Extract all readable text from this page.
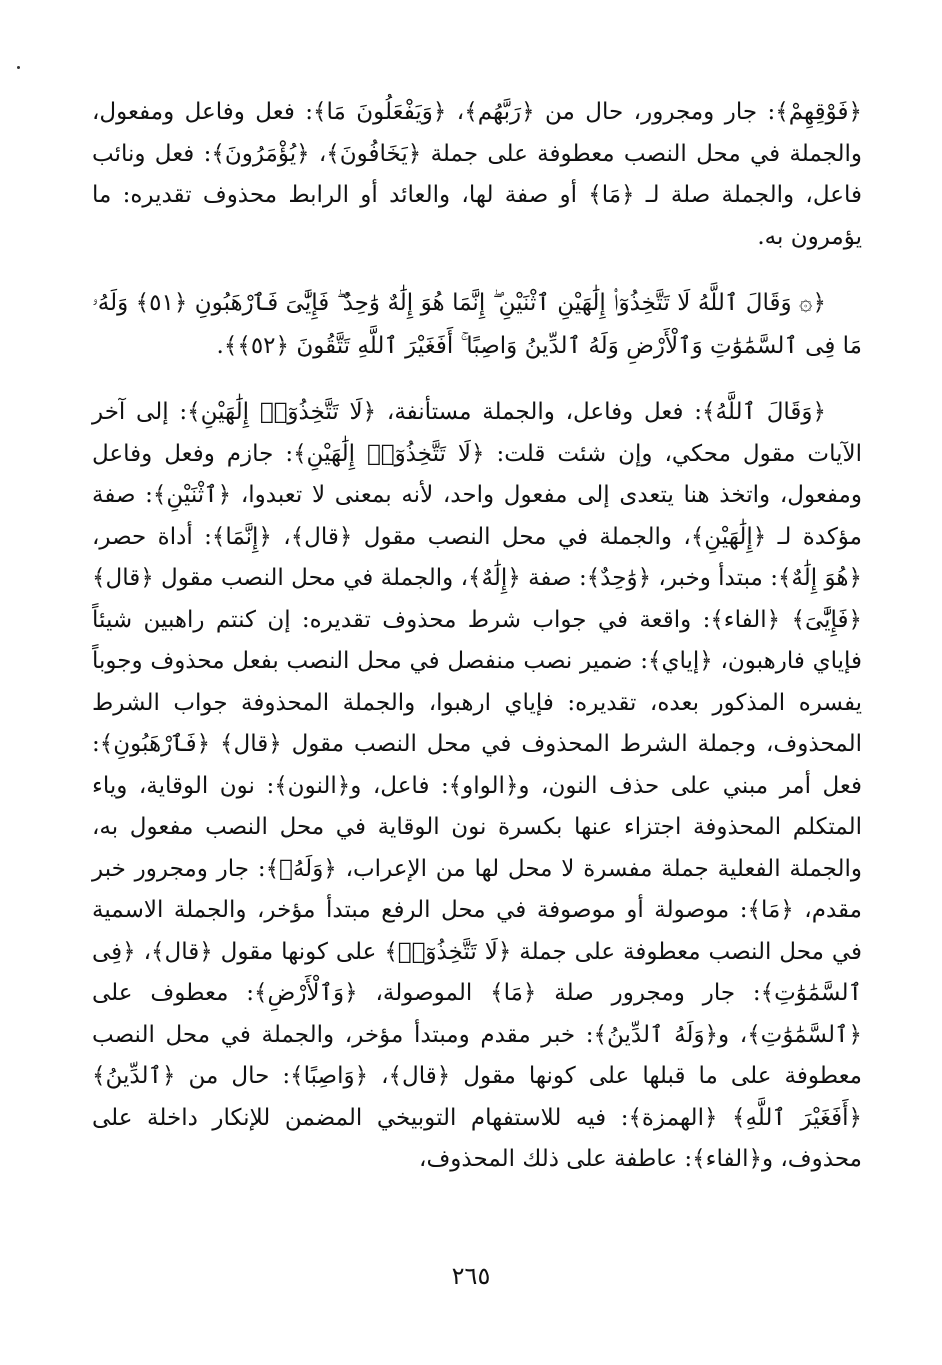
﴿فَوْقِهِمْ﴾: جار ومجرور، حال من ﴿رَبَّهُم﴾، ﴿وَيَفْعَلُونَ مَا﴾: فعل وفاعل ومفعول، والجملة في محل النصب معطوفة على جملة ﴿يَخَافُونَ﴾، ﴿يُؤْمَرُونَ﴾: فعل ونائب فاعل، والجملة صلة لـ ﴿مَا﴾ أو صفة لها، والعائد أو الرابط محذوف تقديره: ما يؤمرون به.

﴿۞ وَقَالَ ٱللَّهُ لَا تَتَّخِذُوٓا۟ إِلَٰهَيْنِ ٱثْنَيْنِ ۖ إِنَّمَا هُوَ إِلَٰهٌ وَٰحِدٌ ۖ فَإِيَّٰىَ فَٱرْهَبُونِ ﴿٥١﴾ وَلَهُۥ مَا فِى ٱلسَّمَٰوَٰتِ وَٱلْأَرْضِ وَلَهُ ٱلدِّينُ وَاصِبًا ۚ أَفَغَيْرَ ٱللَّهِ تَتَّقُونَ ﴿٥٢﴾﴾.

﴿وَقَالَ ٱللَّهُ﴾: فعل وفاعل، والجملة مستأنفة، ﴿لَا تَتَّخِذُوٓا۟ إِلَٰهَيْنِ﴾: إلى آخر الآيات مقول محكي، وإن شئت قلت: ﴿لَا تَتَّخِذُوٓا۟ إِلَٰهَيْنِ﴾: جازم وفعل وفاعل ومفعول، واتخذ هنا يتعدى إلى مفعول واحد، لأنه بمعنى لا تعبدوا، ﴿ٱثْنَيْنِ﴾: صفة مؤكدة لـ ﴿إِلَٰهَيْنِ﴾، والجملة في محل النصب مقول ﴿قال﴾، ﴿إِنَّمَا﴾: أداة حصر، ﴿هُوَ إِلَٰهٌ﴾: مبتدأ وخبر، ﴿وَٰحِدٌ﴾: صفة ﴿إِلَٰهٌ﴾، والجملة في محل النصب مقول ﴿قال﴾ ﴿فَإِيَّٰىَ﴾ ﴿الفاء﴾: واقعة في جواب شرط محذوف تقديره: إن كنتم راهبين شيئاً فإياي فارهبون، ﴿إياي﴾: ضمير نصب منفصل في محل النصب بفعل محذوف وجوباً يفسره المذكور بعده، تقديره: فإياي ارهبوا، والجملة المحذوفة جواب الشرط المحذوف، وجملة الشرط المحذوف في محل النصب مقول ﴿قال﴾ ﴿فَٱرْهَبُونِ﴾: فعل أمر مبني على حذف النون، و﴿الواو﴾: فاعل، و﴿النون﴾: نون الوقاية، وياء المتكلم المحذوفة اجتزاء عنها بكسرة نون الوقاية في محل النصب مفعول به، والجملة الفعلية جملة مفسرة لا محل لها من الإعراب، ﴿وَلَهُۥ﴾: جار ومجرور خبر مقدم، ﴿مَا﴾: موصولة أو موصوفة في محل الرفع مبتدأ مؤخر، والجملة الاسمية في محل النصب معطوفة على جملة ﴿لَا تَتَّخِذُوٓا۟﴾ على كونها مقول ﴿قال﴾، ﴿فِى ٱلسَّمَٰوَٰتِ﴾: جار ومجرور صلة ﴿مَا﴾ الموصولة، ﴿وَٱلْأَرْضِ﴾: معطوف على ﴿ٱلسَّمَٰوَٰتِ﴾، و﴿وَلَهُ ٱلدِّينُ﴾: خبر مقدم ومبتدأ مؤخر، والجملة في محل النصب معطوفة على ما قبلها على كونها مقول ﴿قال﴾، ﴿وَاصِبًا﴾: حال من ﴿ٱلدِّينُ﴾ ﴿أَفَغَيْرَ ٱللَّهِ﴾ ﴿الهمزة﴾: فيه للاستفهام التوبيخي المضمن للإنكار داخلة على محذوف، و﴿الفاء﴾: عاطفة على ذلك المحذوف،

٢٦٥
